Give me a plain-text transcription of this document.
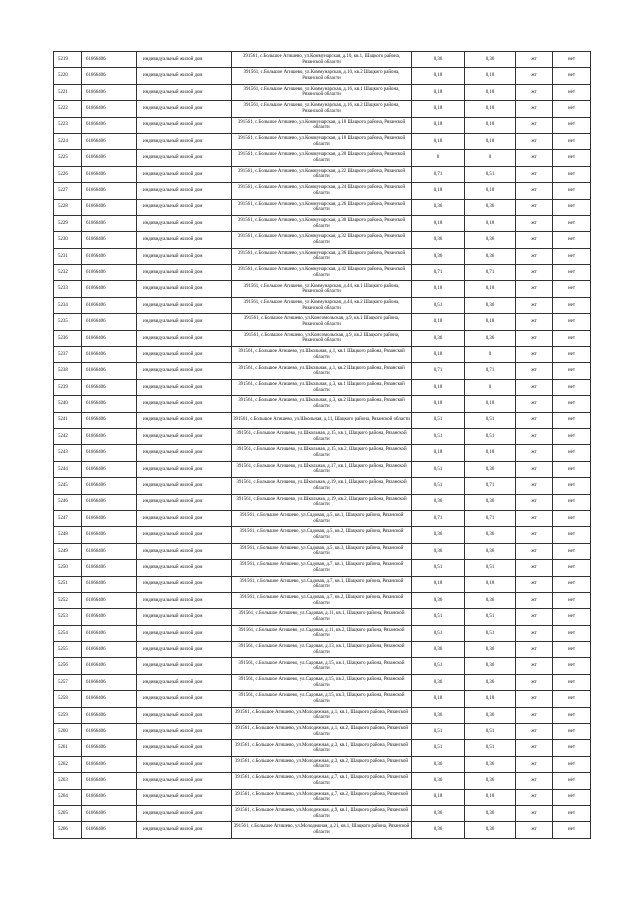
5219	61666406	индивидуальный жилой дом	391561, с.Большое Агишево, ул.Коммунарская, д.10, кв.1, Шацкого района, Рязанской области	0,36	0,36	жт	нет
5220	61666406	индивидуальный жилой дом	391561, с.Большое Агишево, ул.Коммунарская, д.10, кв.2 Шацкого района, Рязанской области	0,18	0,18	жт	нет
5221	61666406	индивидуальный жилой дом	391561, с.Большое Агишево, ул.Коммунарская, д.16, кв.1 Шацкого района, Рязанской области	0,18	0,18	жт	нет
5222	61666406	индивидуальный жилой дом	391561, с.Большое Агишево, ул.Коммунарская, д.16, кв.2 Шацкого района, Рязанской области	0,18	0,18	жт	нет
5223	61666406	индивидуальный жилой дом	391561, с.Большое Агишево, ул.Коммунарская, д.18 Шацкого района, Рязанской области	0,18	0,18	жт	нет
5224	61666406	индивидуальный жилой дом	391561, с.Большое Агишево, ул.Коммунарская, д.18 Шацкого района, Рязанской области	0,18	0,18	жт	нет
5225	61666406	индивидуальный жилой дом	391561, с.Большое Агишево, ул.Коммунарская, д.20 Шацкого района, Рязанской области	0	0	жт	нет
5226	61666406	индивидуальный жилой дом	391561, с.Большое Агишево, ул.Коммунарская, д.22 Шацкого района, Рязанской области	0,71	0,51	жт	нет
5227	61666406	индивидуальный жилой дом	391561, с.Большое Агишево, ул.Коммунарская, д.24 Шацкого района, Рязанской области	0,18	0,18	жт	нет
5228	61666406	индивидуальный жилой дом	391561, с.Большое Агишево, ул.Коммунарская, д.26 Шацкого района, Рязанской области	0,36	0,36	жт	нет
5229	61666406	индивидуальный жилой дом	391561, с.Большое Агишево, ул.Коммунарская, д.30 Шацкого района, Рязанской области	0,18	0,18	жт	нет
5230	61666406	индивидуальный жилой дом	391561, с.Большое Агишево, ул.Коммунарская, д.32 Шацкого района, Рязанской области	0,36	0,36	жт	нет
5231	61666406	индивидуальный жилой дом	391561, с.Большое Агишево, ул.Коммунарская, д.36 Шацкого района, Рязанской области	0,36	0,36	жт	нет
5232	61666406	индивидуальный жилой дом	391561, с.Большое Агишево, ул.Коммунарская, д.42 Шацкого района, Рязанской области	0,71	0,71	жт	нет
5233	61666406	индивидуальный жилой дом	391561, с.Большое Агишево, ул.Коммунарская, д.44, кв.1 Шацкого района, Рязанской области	0,18	0,18	жт	нет
5234	61666406	индивидуальный жилой дом	391561, с.Большое Агишево, ул.Коммунарская, д.44, кв.2 Шацкого района, Рязанской области	0,51	0,36	жт	нет
5235	61666406	индивидуальный жилой дом	391561, с.Большое Агишево, ул.Комсомольская, д.9, кв.1 Шацкого района, Рязанской области	0,18	0,18	жт	нет
5236	61666406	индивидуальный жилой дом	391561, с.Большое Агишево, ул.Комсомольская, д.9, кв.2 Шацкого района, Рязанской области	0,36	0,36	жт	нет
5237	61666406	индивидуальный жилой дом	391561, с.Большое Агишево, ул.Школьная, д.1, кв.1 Шацкого района, Рязанской области	0,18	0	жт	нет
5238	61666406	индивидуальный жилой дом	391561, с.Большое Агишево, ул.Школьная, д.1, кв.2 Шацкого района, Рязанской области	0,71	0,71	жт	нет
5239	61666406	индивидуальный жилой дом	391561, с.Большое Агишево, ул.Школьная, д.3, кв.1 Шацкого района, Рязанской области	0,18	0	жт	нет
5240	61666406	индивидуальный жилой дом	391561, с.Большое Агишево, ул.Школьная, д.3, кв.2 Шацкого района, Рязанской области	0,18	0,18	жт	нет
5241	61666406	индивидуальный жилой дом	391561, с.Большое Агишево, ул.Школьная, д.11, Шацкого района, Рязанской области	0,51	0,51	жт	нет
5242	61666406	индивидуальный жилой дом	391561, с.Большое Агишево, ул.Школьная, д.15, кв.1, Шацкого района, Рязанской области	0,51	0,51	жт	нет
5243	61666406	индивидуальный жилой дом	391561, с.Большое Агишево, ул.Школьная, д.15, кв.2, Шацкого района, Рязанской области	0,18	0,18	жт	нет
5244	61666406	индивидуальный жилой дом	391561, с.Большое Агишево, ул.Школьная, д.17, кв.1, Шацкого района, Рязанской области	0,51	0,36	жт	нет
5245	61666406	индивидуальный жилой дом	391561, с.Большое Агишево, ул.Школьная, д.19, кв.1, Шацкого района, Рязанской области	0,51	0,71	жт	нет
5246	61666406	индивидуальный жилой дом	391561, с.Большое Агишево, ул.Школьная, д.19, кв.2, Шацкого района, Рязанской области	0,36	0,36	жт	нет
5247	61666406	индивидуальный жилой дом	391561, с.Большое Агишево, ул.Садовая, д.5, кв.1, Шацкого района, Рязанской области	0,71	0,71	жт	нет
5248	61666406	индивидуальный жилой дом	391561, с.Большое Агишево, ул.Садовая, д.5, кв.2, Шацкого района, Рязанской области	0,36	0,36	жт	нет
5249	61666406	индивидуальный жилой дом	391561, с.Большое Агишево, ул.Садовая, д.5, кв.3, Шацкого района, Рязанской области	0,36	0,36	жт	нет
5250	61666406	индивидуальный жилой дом	391561, с.Большое Агишево, ул.Садовая, д.7, кв.1, Шацкого района, Рязанской области	0,51	0,51	жт	нет
5251	61666406	индивидуальный жилой дом	391561, с.Большое Агишево, ул.Садовая, д.7, кв.1, Шацкого района, Рязанской области	0,18	0,18	жт	нет
5252	61666406	индивидуальный жилой дом	391561, с.Большое Агишево, ул.Садовая, д.7, кв.2, Шацкого района, Рязанской области	0,36	0,36	жт	нет
5253	61666406	индивидуальный жилой дом	391561, с.Большое Агишево, ул.Садовая, д.11, кв.1, Шацкого района, Рязанской области	0,51	0,51	жт	нет
5254	61666406	индивидуальный жилой дом	391561, с.Большое Агишево, ул.Садовая, д.11, кв.2, Шацкого района, Рязанской области	0,51	0,51	жт	нет
5255	61666406	индивидуальный жилой дом	391561, с.Большое Агишево, ул.Садовая, д.13, кв.1, Шацкого района, Рязанской области	0,36	0,36	жт	нет
5256	61666406	индивидуальный жилой дом	391561, с.Большое Агишево, ул.Садовая, д.15, кв.1, Шацкого района, Рязанской области	0,51	0,36	жт	нет
5257	61666406	индивидуальный жилой дом	391561, с.Большое Агишево, ул.Садовая, д.15, кв.2, Шацкого района, Рязанской области	0,36	0,36	жт	нет
5258	61666406	индивидуальный жилой дом	391561, с.Большое Агишево, ул.Садовая, д.15, кв.3, Шацкого района, Рязанской области	0,18	0,18	жт	нет
5259	61666406	индивидуальный жилой дом	391561, с.Большое Агишево, ул.Молодежная, д.1, кв.1, Шацкого района, Рязанской области	0,36	0,36	жт	нет
5260	61666406	индивидуальный жилой дом	391561, с.Большое Агишево, ул.Молодежная, д.1, кв.2, Шацкого района, Рязанской области	0,51	0,51	жт	нет
5261	61666406	индивидуальный жилой дом	391561, с.Большое Агишево, ул.Молодежная, д.3, кв.1, Шацкого района, Рязанской области	0,51	0,51	жт	нет
5262	61666406	индивидуальный жилой дом	391561, с.Большое Агишево, ул.Молодежная, д.3, кв.2, Шацкого района, Рязанской области	0,36	0,36	жт	нет
5263	61666406	индивидуальный жилой дом	391561, с.Большое Агишево, ул.Молодежная, д.7, кв.1, Шацкого района, Рязанской области	0,36	0,36	жт	нет
5264	61666406	индивидуальный жилой дом	391561, с.Большое Агишево, ул.Молодежная, д.7, кв.2, Шацкого района, Рязанской области	0,18	0,18	жт	нет
5265	61666406	индивидуальный жилой дом	391561, с.Большое Агишево, ул.Молодежная, д.9, кв.1, Шацкого района, Рязанской области	0,36	0,36	жт	нет
5266	61666406	индивидуальный жилой дом	391561, с.Большое Агишево, ул.Молодежная, д.21, кв.1, Шацкого района, Рязанской области	0,36	0,36	жт	нет
